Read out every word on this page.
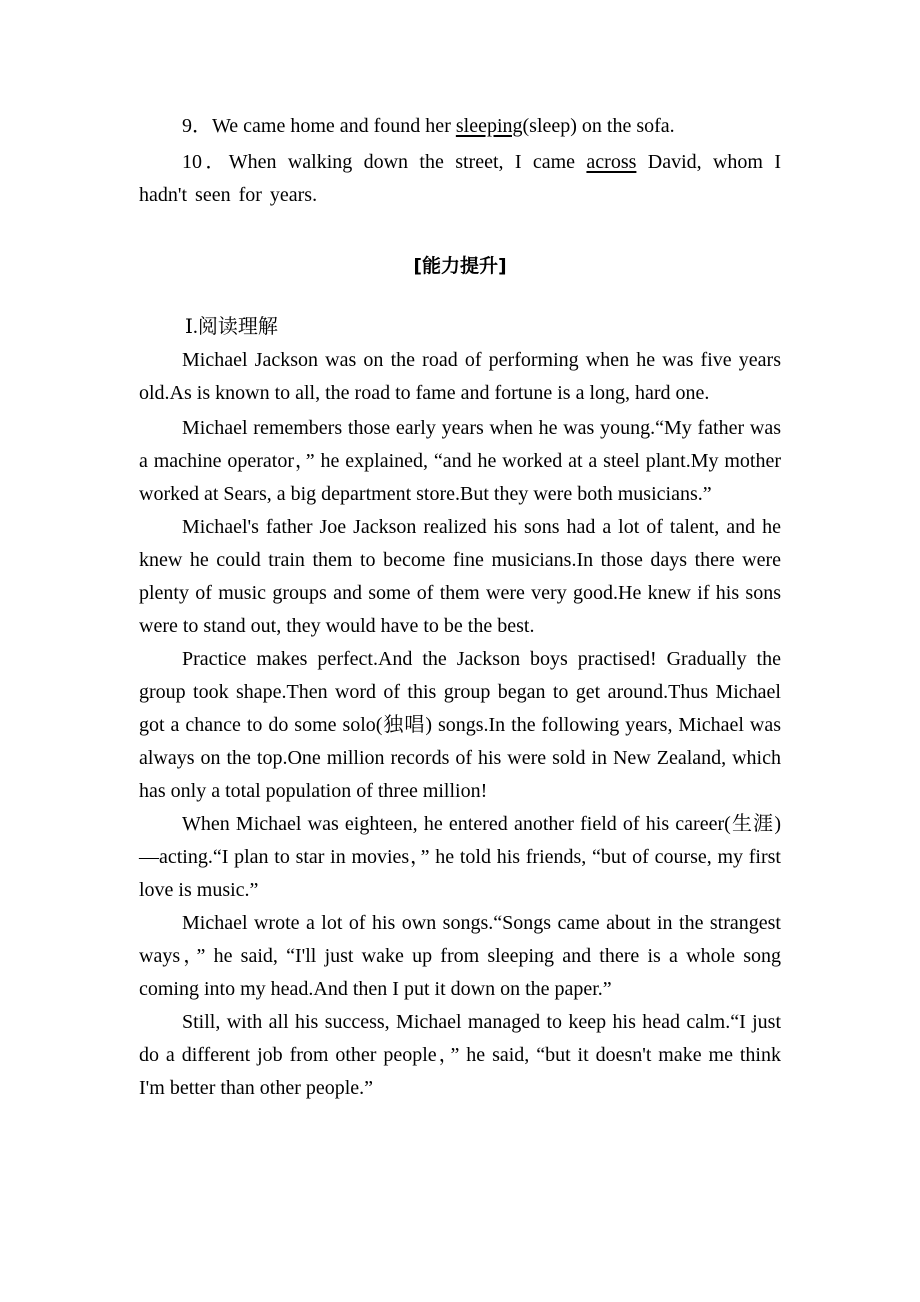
9．We came home and found her sleeping(sleep) on the sofa.

10．When walking down the street, I came across David, whom I hadn't seen for years.

[能力提升]

Ⅰ.阅读理解

Michael Jackson was on the road of performing when he was five years old.As is known to all, the road to fame and fortune is a long, hard one.

Michael remembers those early years when he was young.“My father was a machine operator，” he explained, “and he worked at a steel plant.My mother worked at Sears, a big department store.But they were both musicians.”

Michael's father Joe Jackson realized his sons had a lot of talent, and he knew he could train them to become fine musicians.In those days there were plenty of music groups and some of them were very good.He knew if his sons were to stand out, they would have to be the best.

Practice makes perfect.And the Jackson boys practised! Gradually the group took shape.Then word of this group began to get around.Thus Michael got a chance to do some solo(独唱) songs.In the following years, Michael was always on the top.One million records of his were sold in New Zealand, which has only a total population of three million!

When Michael was eighteen, he entered another field of his career(生涯)—acting.“I plan to star in movies，” he told his friends, “but of course, my first love is music.”

Michael wrote a lot of his own songs.“Songs came about in the strangest ways，” he said, “I'll just wake up from sleeping and there is a whole song coming into my head.And then I put it down on the paper.”

Still, with all his success, Michael managed to keep his head calm.“I just do a different job from other people，” he said, “but it doesn't make me think I'm better than other people.”
